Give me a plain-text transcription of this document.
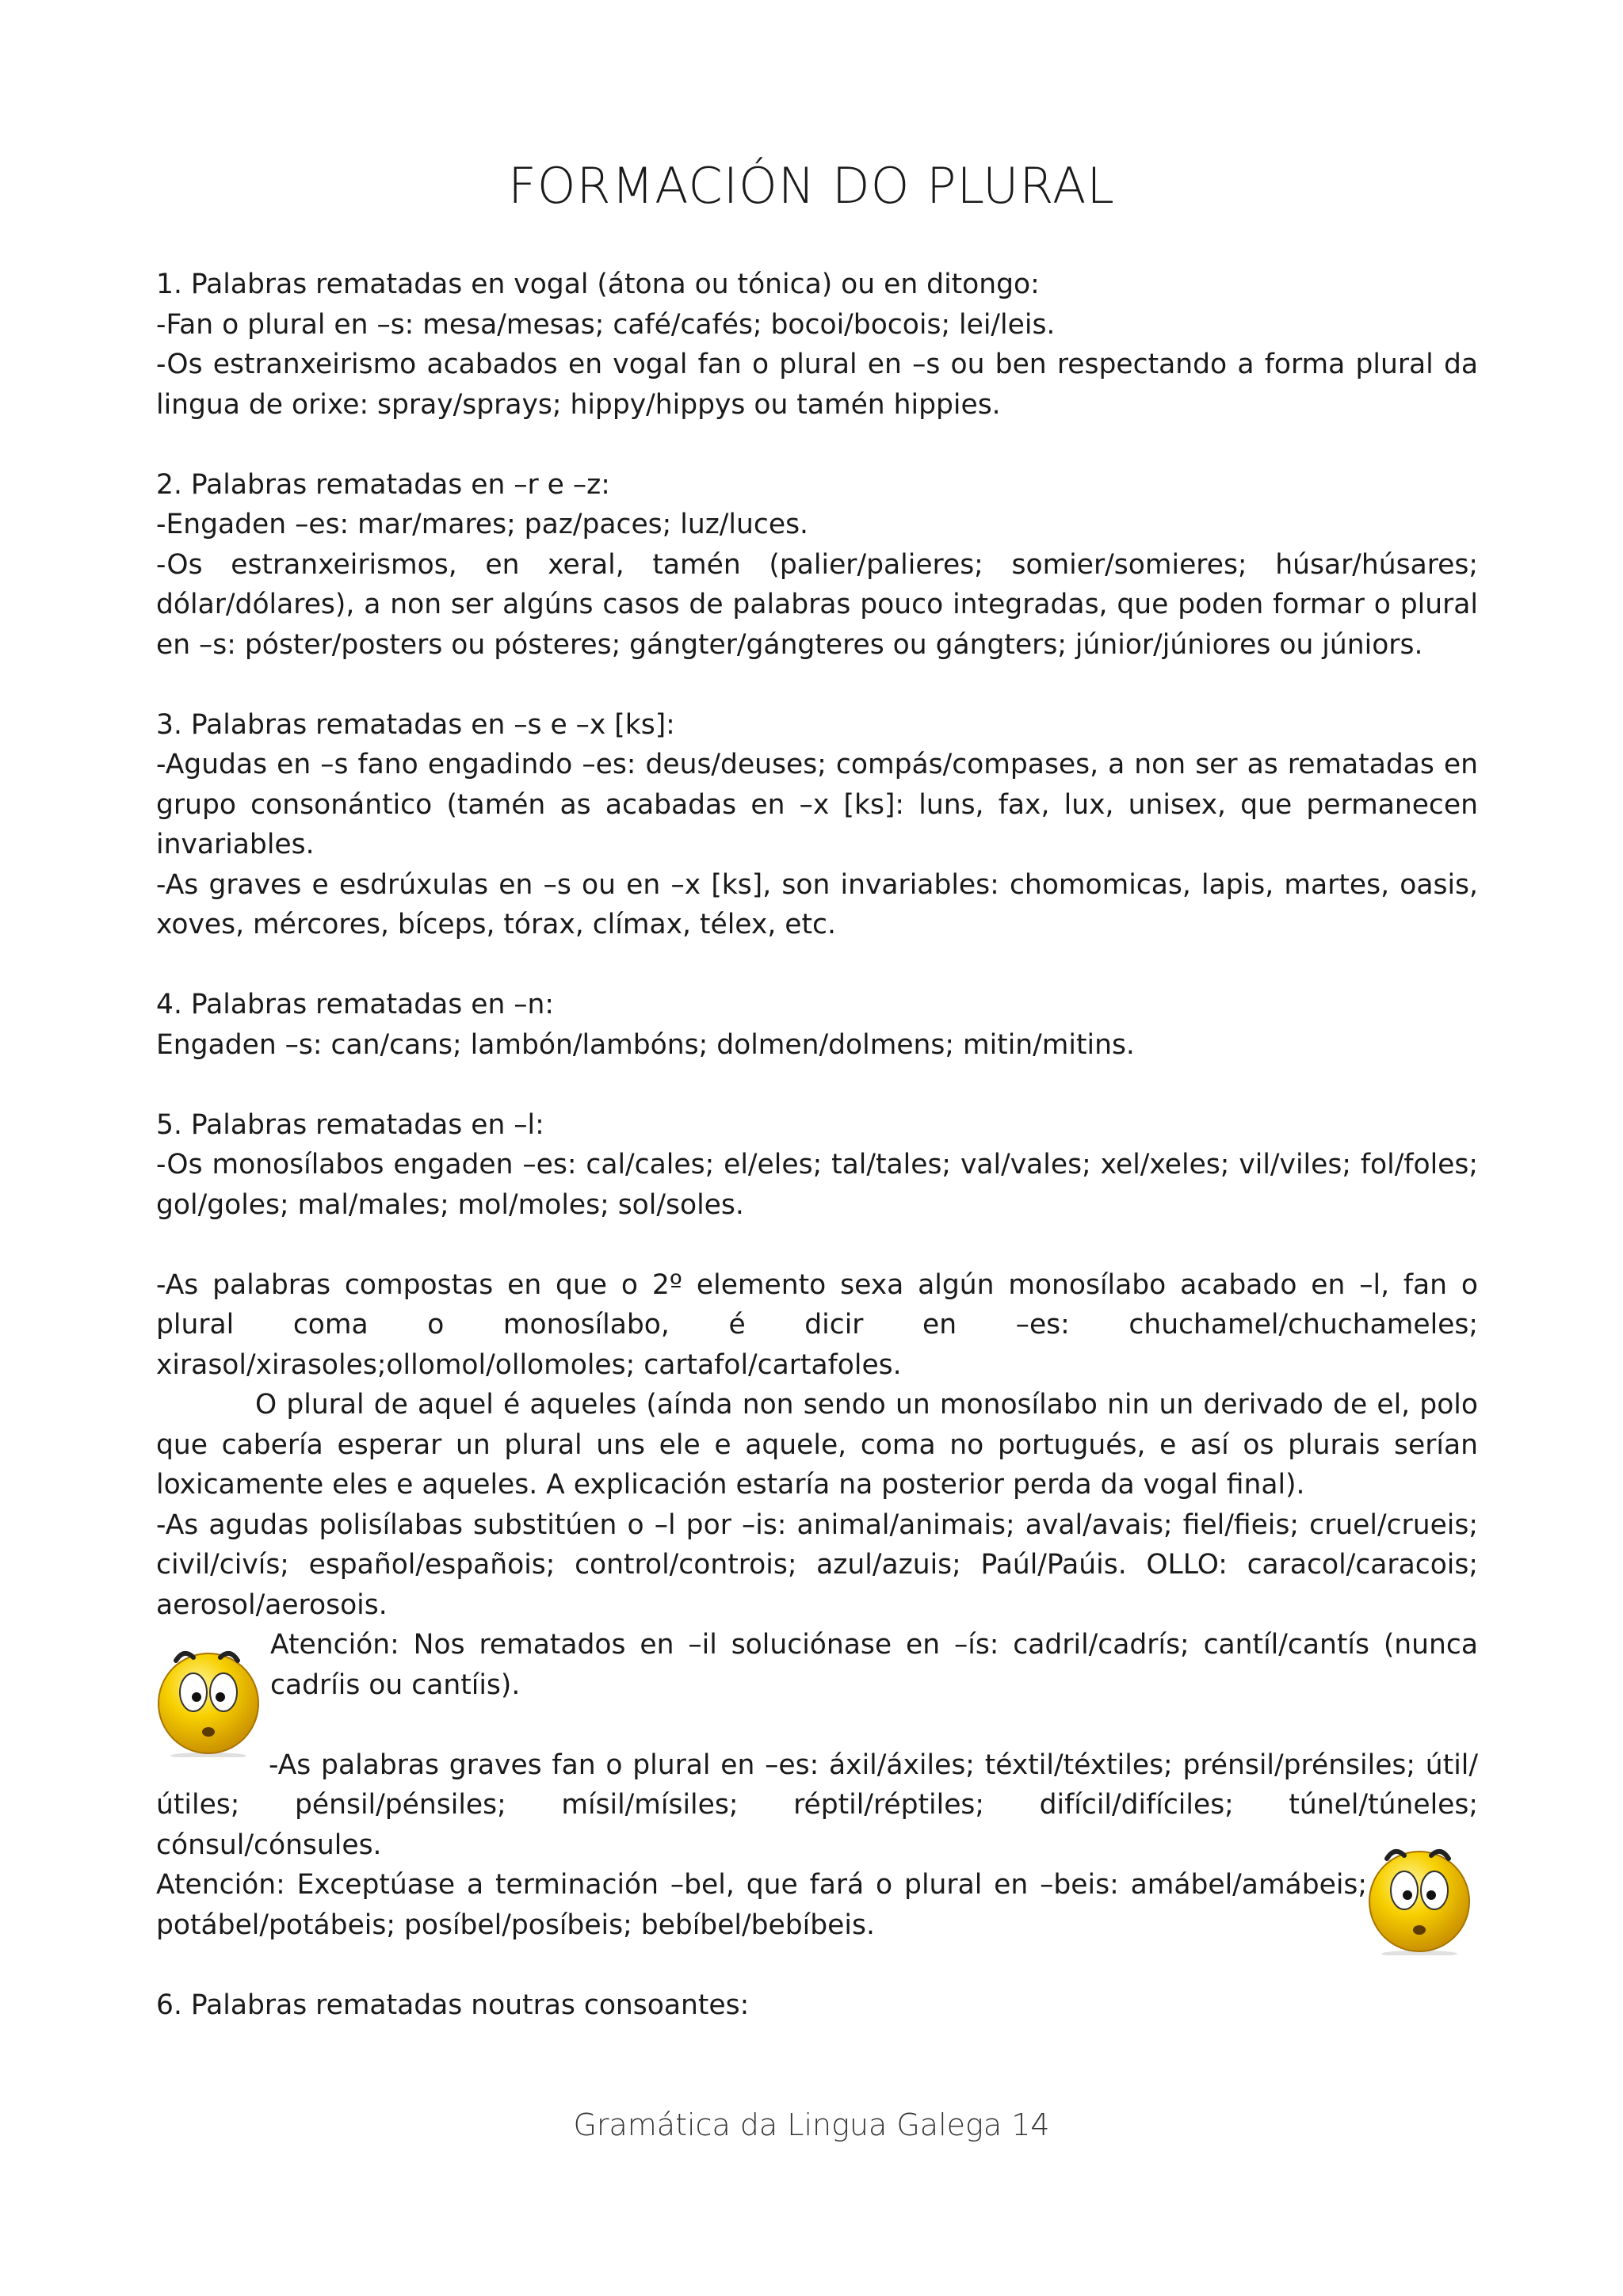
FORMACIÓN DO PLURAL

1. Palabras rematadas en vogal (átona ou tónica) ou en ditongo:

-Fan o plural en –s: mesa/mesas; café/cafés; bocoi/bocois; lei/leis.

-Os estranxeirismo acabados en vogal fan o plural en –s ou ben respectando a forma plural da lingua de orixe: spray/sprays; hippy/hippys ou tamén hippies.

2. Palabras rematadas en –r e –z:

-Engaden –es: mar/mares; paz/paces; luz/luces.

-Os estranxeirismos, en xeral, tamén (palier/palieres; somier/somieres; húsar/húsares; dólar/dólares), a non ser algúns casos de palabras pouco integradas, que poden formar o plural en –s: póster/posters ou pósteres; gángter/gángteres ou gángters; júnior/júniores ou júniors.

3. Palabras rematadas en –s e –x [ks]:

-Agudas en –s fano engadindo –es: deus/deuses; compás/compases, a non ser as rematadas en grupo consonántico (tamén as acabadas en –x [ks]: luns, fax, lux, unisex, que permanecen invariables.

-As graves e esdrúxulas en –s ou en –x [ks], son invariables: chomomicas, lapis, martes, oasis, xoves, mércores, bíceps, tórax, clímax, télex, etc.

4. Palabras rematadas en –n:

Engaden –s: can/cans; lambón/lambóns; dolmen/dolmens; mitin/mitins.

5. Palabras rematadas en –l:

-Os monosílabos engaden –es: cal/cales; el/eles; tal/tales; val/vales; xel/xeles; vil/viles; fol/foles; gol/goles; mal/males; mol/moles; sol/soles.

-As palabras compostas en que o 2º elemento sexa algún monosílabo acabado en –l, fan o plural coma o monosílabo, é dicir en –es: chuchamel/chuchameles; xirasol/xirasoles;ollomol/ollomoles; cartafol/cartafoles.

O plural de aquel é aqueles (aínda non sendo un monosílabo nin un derivado de el, polo que cabería esperar un plural uns ele e aquele, coma no portugués, e así os plurais serían loxicamente eles e aqueles. A explicación estaría na posterior perda da vogal final).

-As agudas polisílabas substitúen o –l por –is: animal/animais; aval/avais; fiel/fieis; cruel/crueis; civil/civís; español/españois; control/controis; azul/azuis; Paúl/Paúis. OLLO: caracol/caracois; aerosol/aerosois.

Atención: Nos rematados en –il soluciónase en –ís: cadril/cadrís; cantíl/cantís (nunca cadríis ou cantíis).

-As palabras graves fan o plural en –es: áxil/áxiles; téxtil/téxtiles; prénsil/prénsiles; útil/útiles; pénsil/pénsiles; mísil/mísiles; réptil/réptiles; difícil/difíciles; túnel/túneles; cónsul/cónsules.

Atención: Exceptúase a terminación –bel, que fará o plural en –beis: amábel/amábeis; potábel/potábeis; posíbel/posíbeis; bebíbel/bebíbeis.

6. Palabras rematadas noutras consoantes:

Gramática da Lingua Galega 14
